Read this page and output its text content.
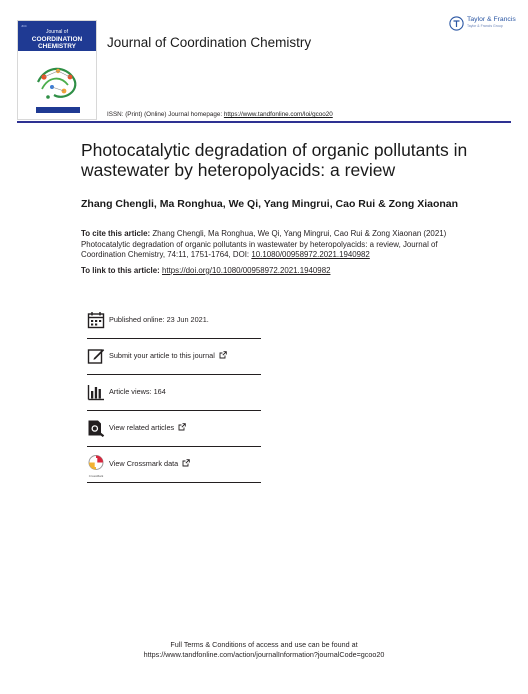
JCC
Journal of
COORDINATION
CHEMISTRY	Journal of Coordination Chemistry
Taylor & Francis
Taylor & Francis Group
ISSN: (Print) (Online) Journal homepage: https://www.tandfonline.com/loi/gcoo20
Photocatalytic degradation of organic pollutants in wastewater by heteropolyacids: a review
Zhang Chengli, Ma Ronghua, We Qi, Yang Mingrui, Cao Rui & Zong Xiaonan
To cite this article: Zhang Chengli, Ma Ronghua, We Qi, Yang Mingrui, Cao Rui & Zong Xiaonan (2021) Photocatalytic degradation of organic pollutants in wastewater by heteropolyacids: a review, Journal of Coordination Chemistry, 74:11, 1751-1764, DOI: 10.1080/00958972.2021.1940982
To link to this article: https://doi.org/10.1080/00958972.2021.1940982
Published online: 23 Jun 2021.
Submit your article to this journal
Article views: 164
View related articles
CrossMark
View Crossmark data
Full Terms & Conditions of access and use can be found at
https://www.tandfonline.com/action/journalInformation?journalCode=gcoo20
